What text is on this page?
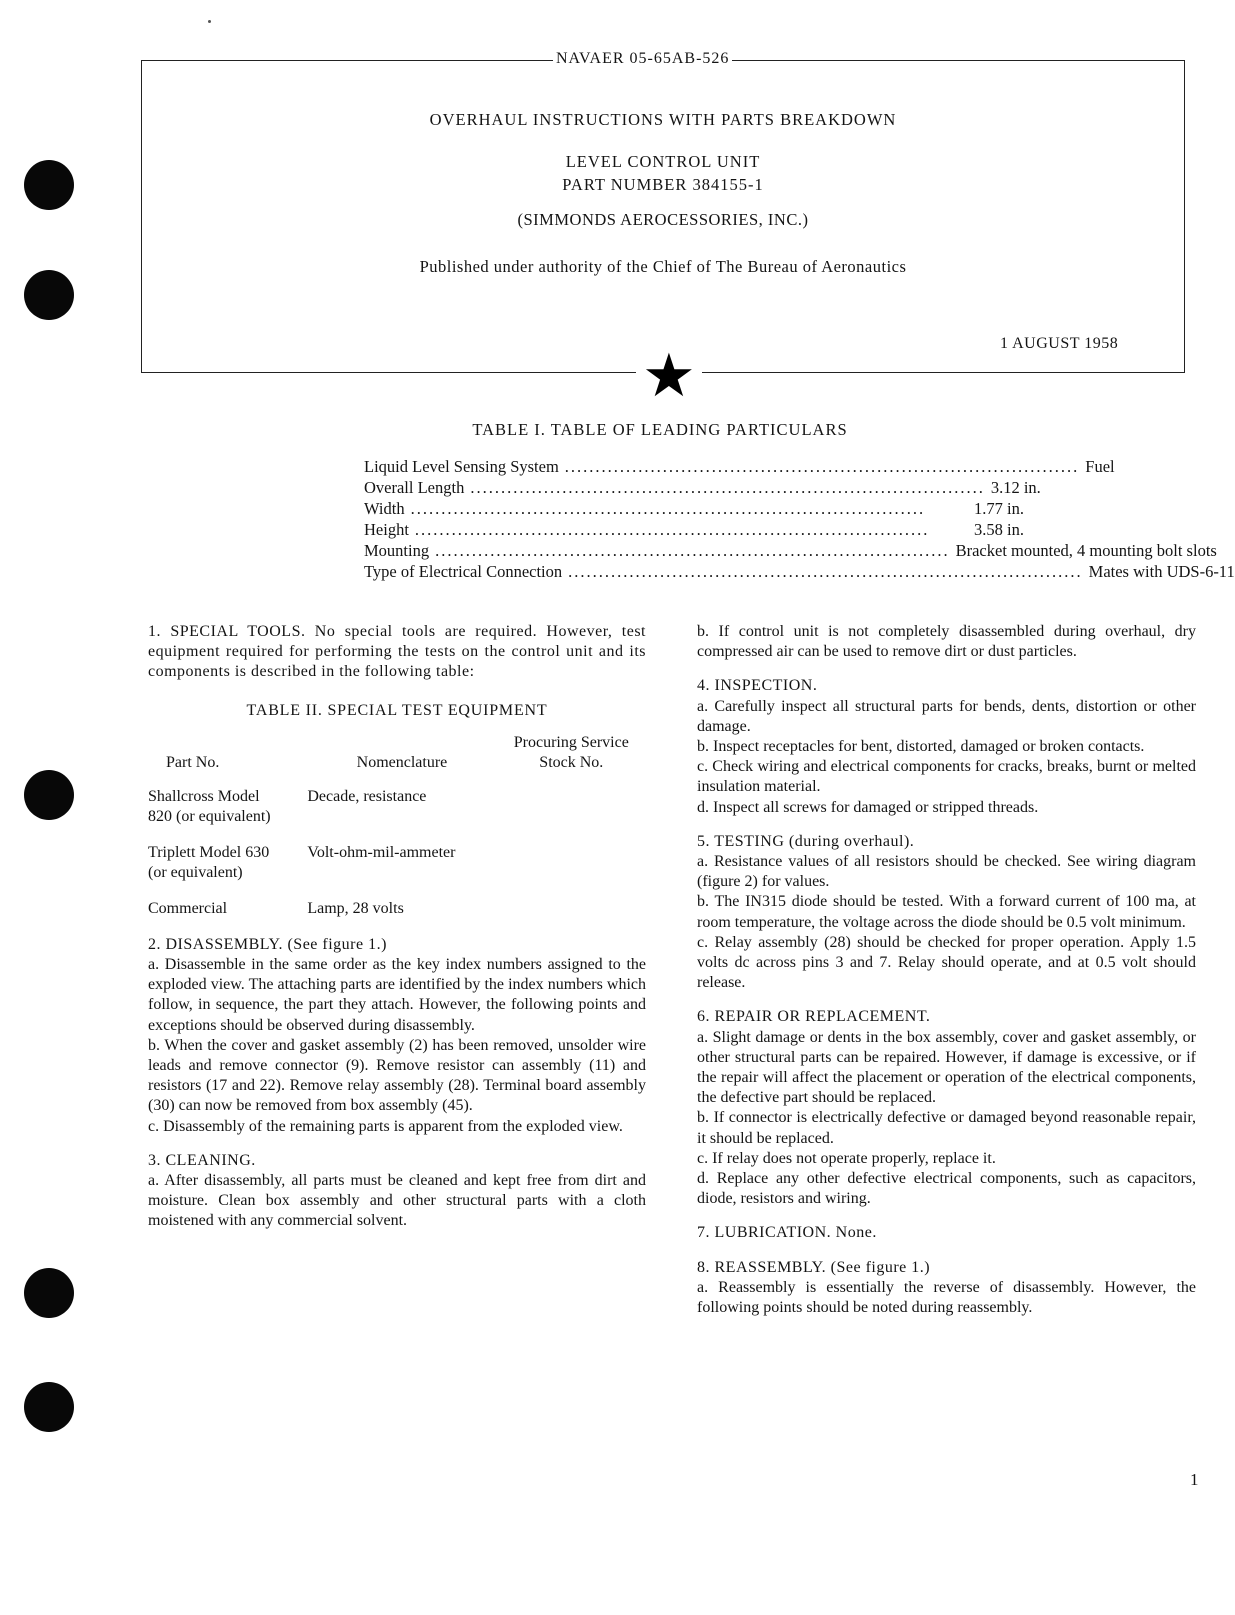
NAVAER 05-65AB-526
★
OVERHAUL INSTRUCTIONS WITH PARTS BREAKDOWN
LEVEL CONTROL UNIT
PART NUMBER 384155-1
(SIMMONDS AEROCESSORIES, INC.)
Published under authority of the Chief of The Bureau of Aeronautics
1 AUGUST 1958
TABLE I. TABLE OF LEADING PARTICULARS
Liquid Level Sensing System .................................................................................... Fuel
Overall Length .................................................................................... 3.12 in.
Width ....................................................................................	1.77 in.
Height ....................................................................................	3.58 in.
Mounting .................................................................................... Bracket mounted, 4 mounting bolt slots
Type of Electrical Connection .................................................................................... Mates with UDS-6-11

1. SPECIAL TOOLS. No special tools are required. However, test equipment required for performing the tests on the control unit and its components is described in the following table:

TABLE II. SPECIAL TEST EQUIPMENT
Part No.	Nomenclature	Procuring Service Stock No.
Shallcross Model 820 (or equivalent)	Decade, resistance	
Triplett Model 630 (or equivalent)	Volt-ohm-mil-ammeter	
Commercial	Lamp, 28 volts	

2. DISASSEMBLY. (See figure 1.)

a. Disassemble in the same order as the key index numbers assigned to the exploded view. The attaching parts are identified by the index numbers which follow, in sequence, the part they attach. However, the following points and exceptions should be observed during disassembly.

b. When the cover and gasket assembly (2) has been removed, unsolder wire leads and remove connector (9). Remove resistor can assembly (11) and resistors (17 and 22). Remove relay assembly (28). Terminal board assembly (30) can now be removed from box assembly (45).

c. Disassembly of the remaining parts is apparent from the exploded view.

3. CLEANING.

a. After disassembly, all parts must be cleaned and kept free from dirt and moisture. Clean box assembly and other structural parts with a cloth moistened with any commercial solvent.

b. If control unit is not completely disassembled during overhaul, dry compressed air can be used to remove dirt or dust particles.

4. INSPECTION.

a. Carefully inspect all structural parts for bends, dents, distortion or other damage.

b. Inspect receptacles for bent, distorted, damaged or broken contacts.

c. Check wiring and electrical components for cracks, breaks, burnt or melted insulation material.

d. Inspect all screws for damaged or stripped threads.

5. TESTING (during overhaul).

a. Resistance values of all resistors should be checked. See wiring diagram (figure 2) for values.

b. The IN315 diode should be tested. With a forward current of 100 ma, at room temperature, the voltage across the diode should be 0.5 volt minimum.

c. Relay assembly (28) should be checked for proper operation. Apply 1.5 volts dc across pins 3 and 7. Relay should operate, and at 0.5 volt should release.

6. REPAIR OR REPLACEMENT.

a. Slight damage or dents in the box assembly, cover and gasket assembly, or other structural parts can be repaired. However, if damage is excessive, or if the repair will affect the placement or operation of the electrical components, the defective part should be replaced.

b. If connector is electrically defective or damaged beyond reasonable repair, it should be replaced.

c. If relay does not operate properly, replace it.

d. Replace any other defective electrical components, such as capacitors, diode, resistors and wiring.

7. LUBRICATION. None.

8. REASSEMBLY. (See figure 1.)

a. Reassembly is essentially the reverse of disassembly. However, the following points should be noted during reassembly.

1
